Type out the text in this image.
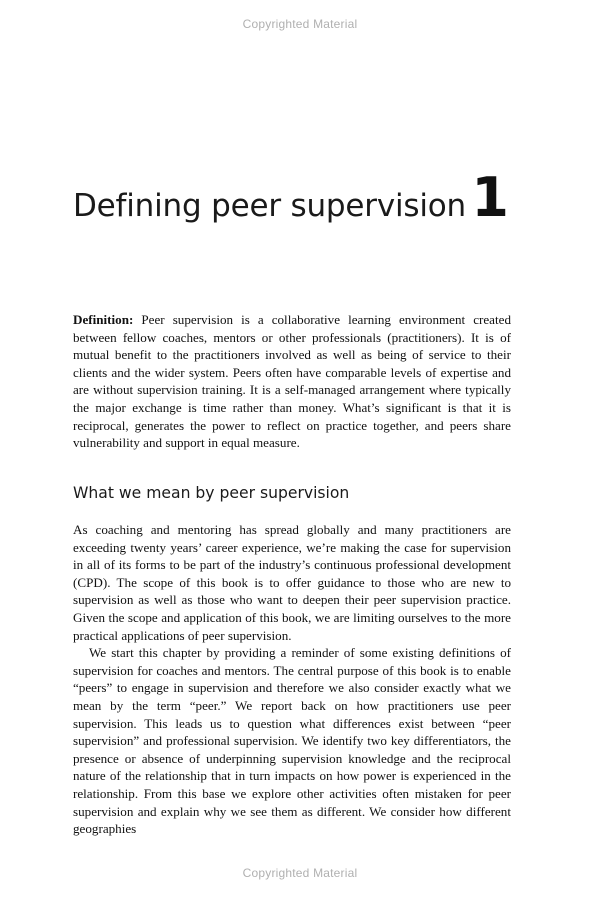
Copyrighted Material
Defining peer supervision 1
Definition: Peer supervision is a collaborative learning environment created between fellow coaches, mentors or other professionals (practitioners). It is of mutual benefit to the practitioners involved as well as being of service to their clients and the wider system. Peers often have comparable levels of expertise and are without supervision training. It is a self-managed arrangement where typically the major exchange is time rather than money. What’s significant is that it is reciprocal, generates the power to reflect on practice together, and peers share vulnerability and support in equal measure.
What we mean by peer supervision

As coaching and mentoring has spread globally and many practitioners are exceeding twenty years’ career experience, we’re making the case for supervision in all of its forms to be part of the industry’s continuous professional development (CPD). The scope of this book is to offer guidance to those who are new to supervision as well as those who want to deepen their peer supervision practice. Given the scope and application of this book, we are limiting ourselves to the more practical applications of peer supervision.

We start this chapter by providing a reminder of some existing definitions of supervision for coaches and mentors. The central purpose of this book is to enable “peers” to engage in supervision and therefore we also consider exactly what we mean by the term “peer.” We report back on how practitioners use peer supervision. This leads us to question what differences exist between “peer supervision” and professional supervision. We identify two key differentiators, the presence or absence of underpinning supervision knowledge and the reciprocal nature of the relationship that in turn impacts on how power is experienced in the relationship. From this base we explore other activities often mistaken for peer supervision and explain why we see them as different. We consider how different geographies

Copyrighted Material
